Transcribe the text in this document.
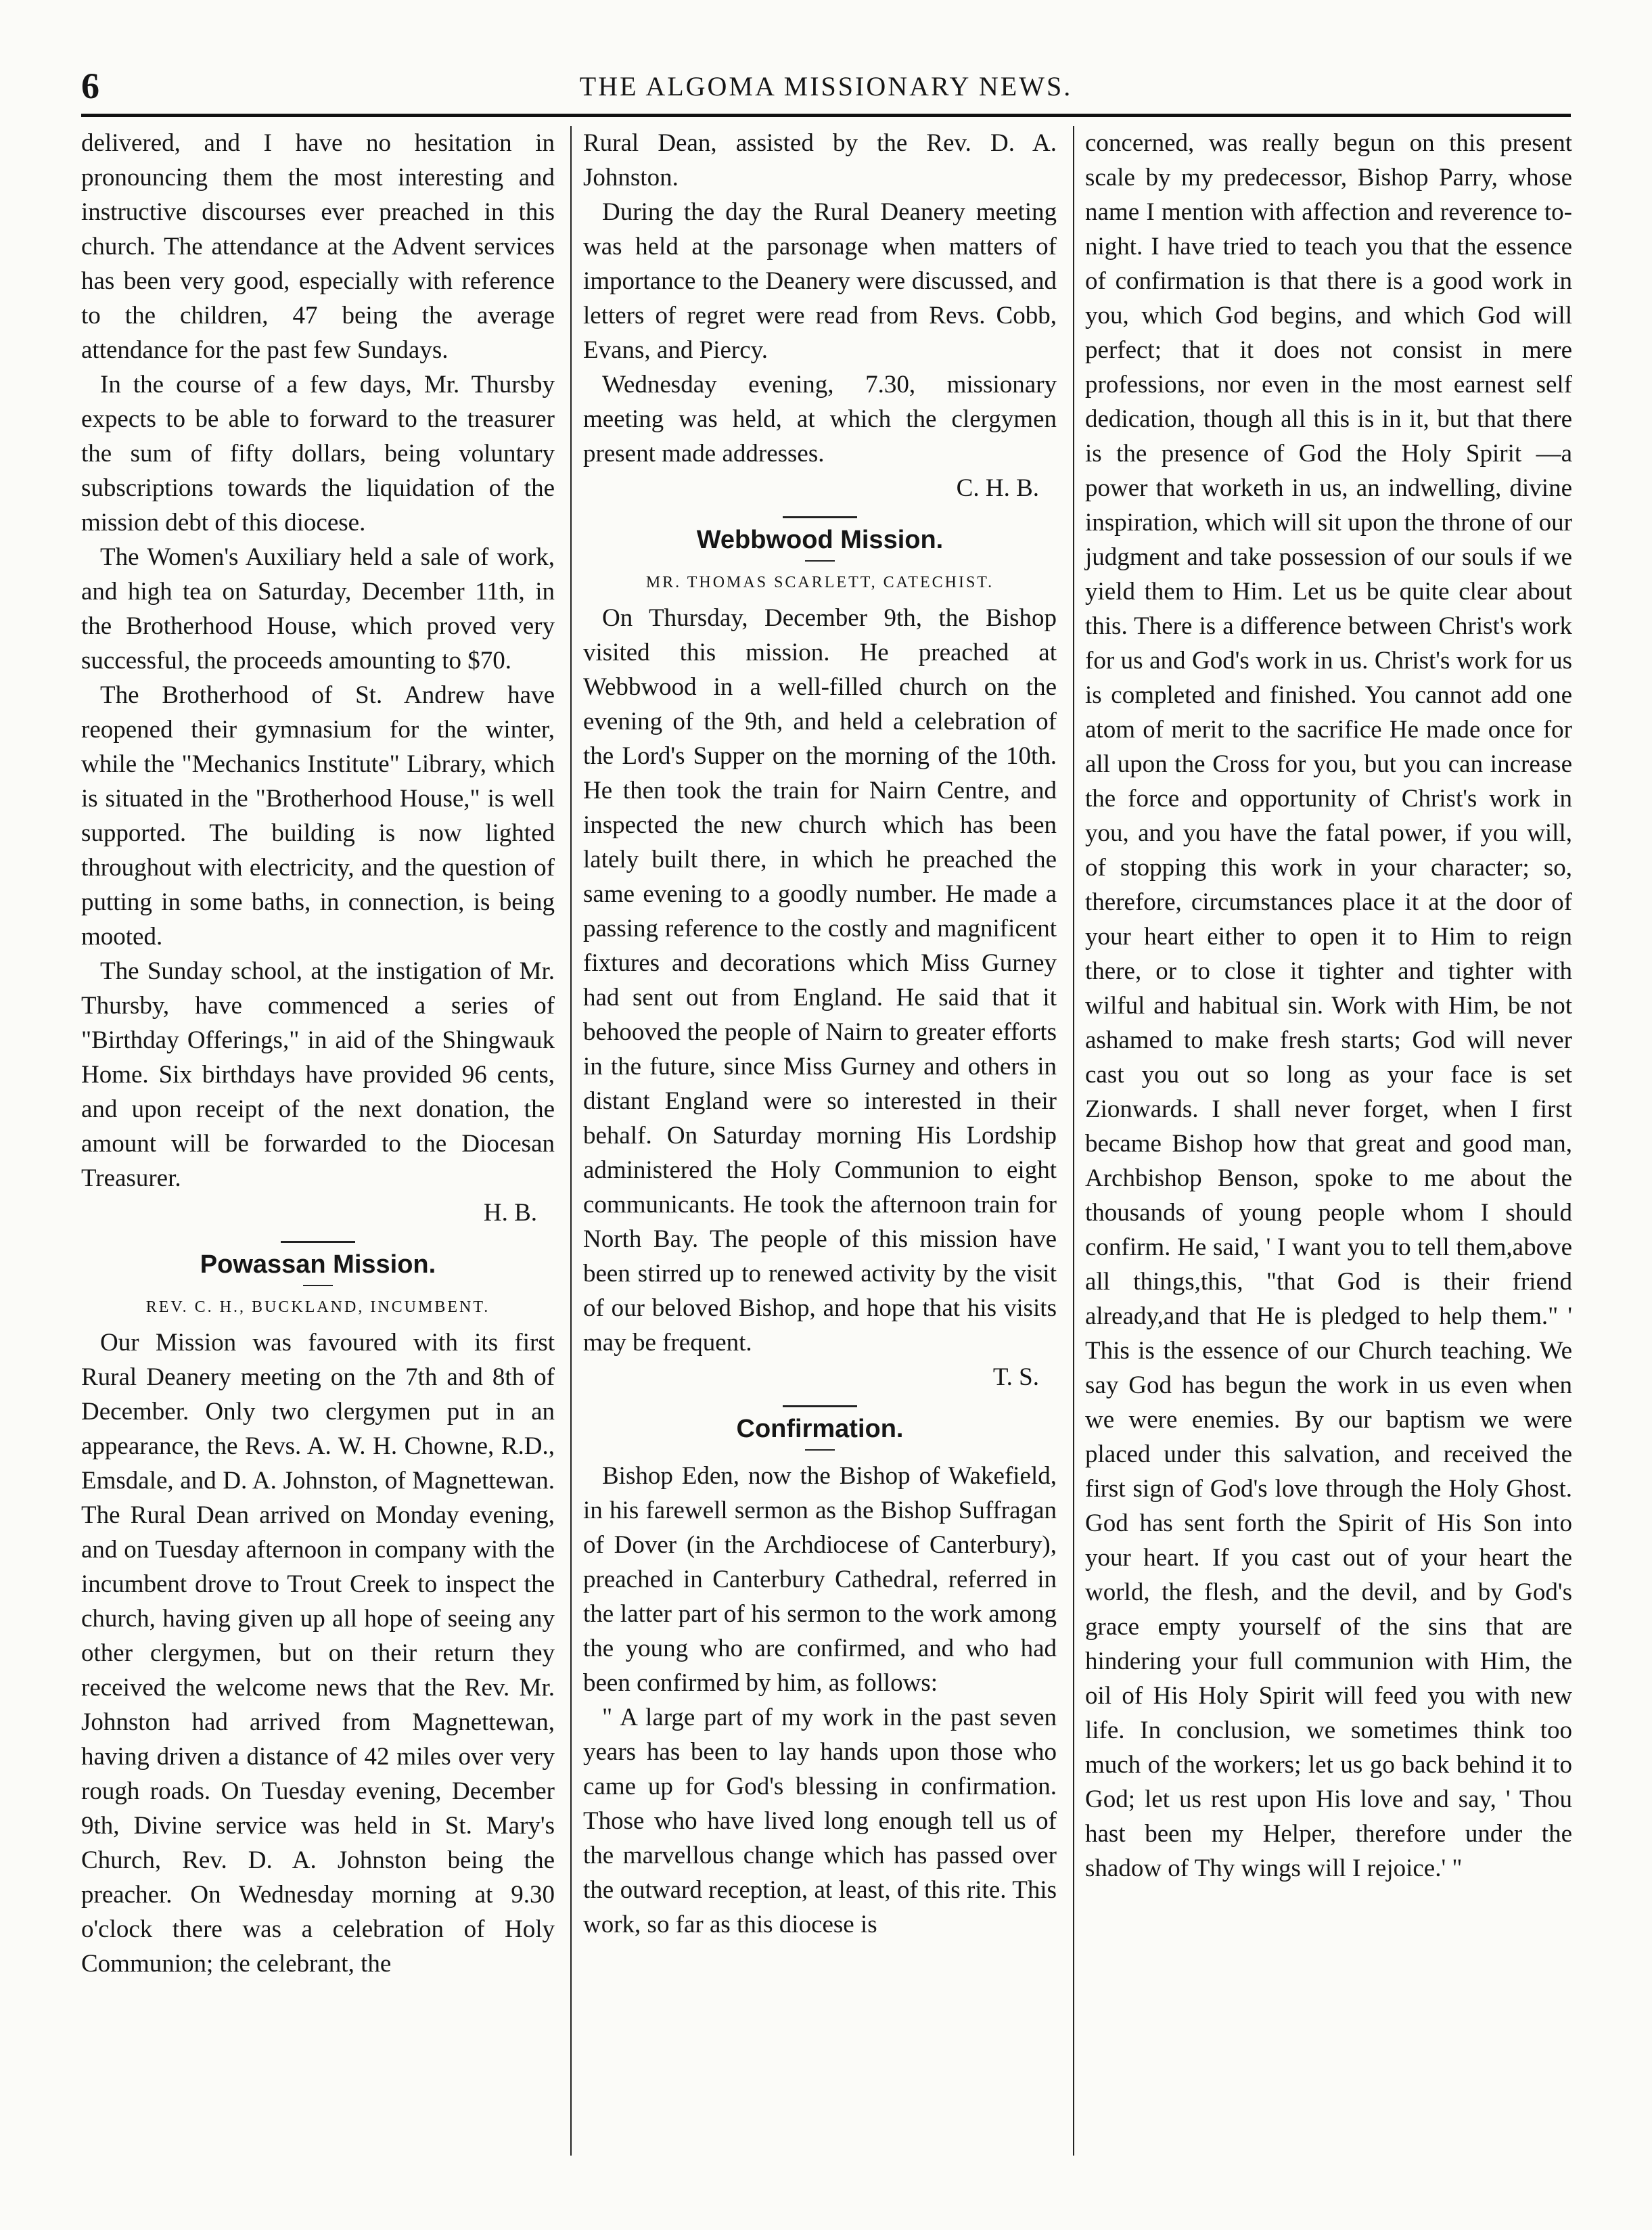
6	THE ALGOMA MISSIONARY NEWS.

delivered, and I have no hesitation in pronouncing them the most interesting and instructive discourses ever preached in this church. The attendance at the Advent services has been very good, especially with reference to the children, 47 being the average attendance for the past few Sundays.

In the course of a few days, Mr. Thursby expects to be able to forward to the treasurer the sum of fifty dollars, being voluntary subscriptions towards the liquidation of the mission debt of this diocese.

The Women's Auxiliary held a sale of work, and high tea on Saturday, December 11th, in the Brotherhood House, which proved very successful, the proceeds amounting to $70.

The Brotherhood of St. Andrew have reopened their gymnasium for the winter, while the "Mechanics Institute" Library, which is situated in the "Brotherhood House," is well supported. The building is now lighted throughout with electricity, and the question of putting in some baths, in connection, is being mooted.

The Sunday school, at the instigation of Mr. Thursby, have commenced a series of "Birthday Offerings," in aid of the Shingwauk Home. Six birthdays have provided 96 cents, and upon receipt of the next donation, the amount will be forwarded to the Diocesan Treasurer.

H. B.

Powassan Mission.
REV. C. H., BUCKLAND, INCUMBENT.

Our Mission was favoured with its first Rural Deanery meeting on the 7th and 8th of December. Only two clergymen put in an appearance, the Revs. A. W. H. Chowne, R.D., Emsdale, and D. A. Johnston, of Magnettewan. The Rural Dean arrived on Monday evening, and on Tuesday afternoon in company with the incumbent drove to Trout Creek to inspect the church, having given up all hope of seeing any other clergymen, but on their return they received the welcome news that the Rev. Mr. Johnston had arrived from Magnettewan, having driven a distance of 42 miles over very rough roads. On Tuesday evening, December 9th, Divine service was held in St. Mary's Church, Rev. D. A. Johnston being the preacher. On Wednesday morning at 9.30 o'clock there was a celebration of Holy Communion; the celebrant, the

Rural Dean, assisted by the Rev. D. A. Johnston.

During the day the Rural Deanery meeting was held at the parsonage when matters of importance to the Deanery were discussed, and letters of regret were read from Revs. Cobb, Evans, and Piercy.

Wednesday evening, 7.30, missionary meeting was held, at which the clergymen present made addresses.

C. H. B.

Webbwood Mission.
MR. THOMAS SCARLETT, CATECHIST.

On Thursday, December 9th, the Bishop visited this mission. He preached at Webbwood in a well-filled church on the evening of the 9th, and held a celebration of the Lord's Supper on the morning of the 10th. He then took the train for Nairn Centre, and inspected the new church which has been lately built there, in which he preached the same evening to a goodly number. He made a passing reference to the costly and magnificent fixtures and decorations which Miss Gurney had sent out from England. He said that it behooved the people of Nairn to greater efforts in the future, since Miss Gurney and others in distant England were so interested in their behalf. On Saturday morning His Lordship administered the Holy Communion to eight communicants. He took the afternoon train for North Bay. The people of this mission have been stirred up to renewed activity by the visit of our beloved Bishop, and hope that his visits may be frequent.

T. S.

Confirmation.

Bishop Eden, now the Bishop of Wakefield, in his farewell sermon as the Bishop Suffragan of Dover (in the Archdiocese of Canterbury), preached in Canterbury Cathedral, referred in the latter part of his sermon to the work among the young who are confirmed, and who had been confirmed by him, as follows:

" A large part of my work in the past seven years has been to lay hands upon those who came up for God's blessing in confirmation. Those who have lived long enough tell us of the marvellous change which has passed over the outward reception, at least, of this rite. This work, so far as this diocese is

concerned, was really begun on this present scale by my predecessor, Bishop Parry, whose name I mention with affection and reverence to-night. I have tried to teach you that the essence of confirmation is that there is a good work in you, which God begins, and which God will perfect; that it does not consist in mere professions, nor even in the most earnest self dedication, though all this is in it, but that there is the presence of God the Holy Spirit —a power that worketh in us, an indwelling, divine inspiration, which will sit upon the throne of our judgment and take possession of our souls if we yield them to Him. Let us be quite clear about this. There is a difference between Christ's work for us and God's work in us. Christ's work for us is completed and finished. You cannot add one atom of merit to the sacrifice He made once for all upon the Cross for you, but you can increase the force and opportunity of Christ's work in you, and you have the fatal power, if you will, of stopping this work in your character; so, therefore, circumstances place it at the door of your heart either to open it to Him to reign there, or to close it tighter and tighter with wilful and habitual sin. Work with Him, be not ashamed to make fresh starts; God will never cast you out so long as your face is set Zionwards. I shall never forget, when I first became Bishop how that great and good man, Archbishop Benson, spoke to me about the thousands of young people whom I should confirm. He said, ' I want you to tell them,above all things,this, "that God is their friend already,and that He is pledged to help them." ' This is the essence of our Church teaching. We say God has begun the work in us even when we were enemies. By our baptism we were placed under this salvation, and received the first sign of God's love through the Holy Ghost. God has sent forth the Spirit of His Son into your heart. If you cast out of your heart the world, the flesh, and the devil, and by God's grace empty yourself of the sins that are hindering your full communion with Him, the oil of His Holy Spirit will feed you with new life. In conclusion, we sometimes think too much of the workers; let us go back behind it to God; let us rest upon His love and say, ' Thou hast been my Helper, therefore under the shadow of Thy wings will I rejoice.' "
